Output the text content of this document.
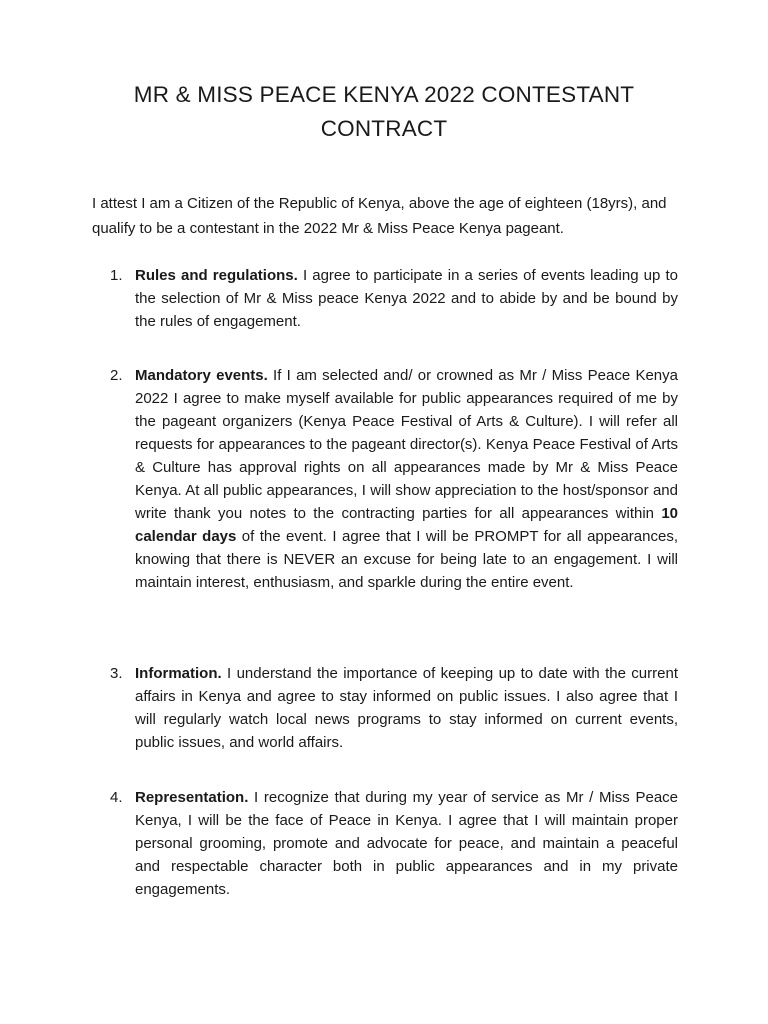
MR & MISS PEACE KENYA 2022 CONTESTANT
CONTRACT

I attest I am a Citizen of the Republic of Kenya, above the age of eighteen (18yrs), and qualify to be a contestant in the 2022 Mr & Miss Peace Kenya pageant.

1. Rules and regulations. I agree to participate in a series of events leading up to the selection of Mr & Miss peace Kenya 2022 and to abide by and be bound by the rules of engagement.
2. Mandatory events. If I am selected and/ or crowned as Mr / Miss Peace Kenya 2022 I agree to make myself available for public appearances required of me by the pageant organizers (Kenya Peace Festival of Arts & Culture). I will refer all requests for appearances to the pageant director(s). Kenya Peace Festival of Arts & Culture has approval rights on all appearances made by Mr & Miss Peace Kenya. At all public appearances, I will show appreciation to the host/sponsor and write thank you notes to the contracting parties for all appearances within 10 calendar days of the event. I agree that I will be PROMPT for all appearances, knowing that there is NEVER an excuse for being late to an engagement. I will maintain interest, enthusiasm, and sparkle during the entire event.
3. Information. I understand the importance of keeping up to date with the current affairs in Kenya and agree to stay informed on public issues. I also agree that I will regularly watch local news programs to stay informed on current events, public issues, and world affairs.
4. Representation. I recognize that during my year of service as Mr / Miss Peace Kenya, I will be the face of Peace in Kenya. I agree that I will maintain proper personal grooming, promote and advocate for peace, and maintain a peaceful and respectable character both in public appearances and in my private engagements.
